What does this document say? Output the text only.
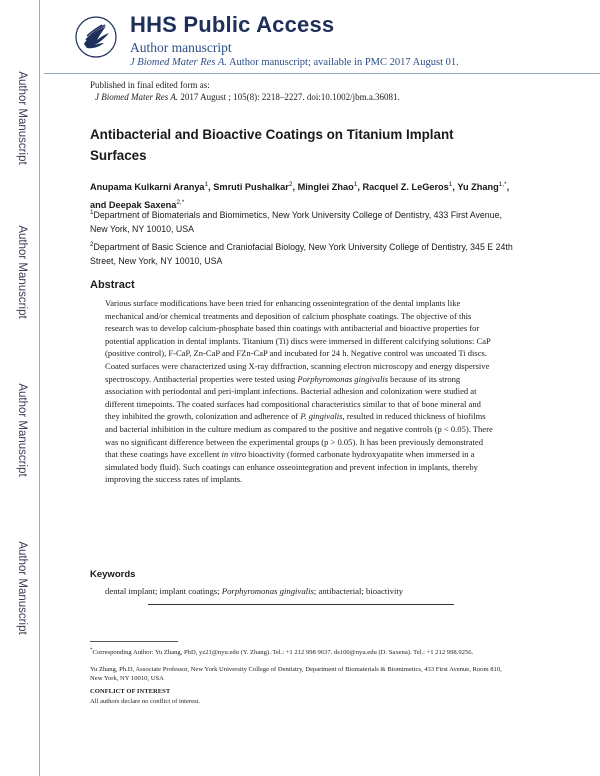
Author Manuscript
Author Manuscript
Author Manuscript
Author Manuscript
HHS Public Access
Author manuscript
J Biomed Mater Res A. Author manuscript; available in PMC 2017 August 01.
Published in final edited form as:
J Biomed Mater Res A. 2017 August ; 105(8): 2218–2227. doi:10.1002/jbm.a.36081.
Antibacterial and Bioactive Coatings on Titanium Implant Surfaces
Anupama Kulkarni Aranya$^1$, Smruti Pushalkar$^2$, Minglei Zhao$^1$, Racquel Z. LeGeros$^1$, Yu Zhang$^{1,*}$, and Deepak Saxena$^{2,*}$
$^1$Department of Biomaterials and Biomimetics, New York University College of Dentistry, 433 First Avenue, New York, NY 10010, USA
$^2$Department of Basic Science and Craniofacial Biology, New York University College of Dentistry, 345 E 24th Street, New York, NY 10010, USA
Abstract
Various surface modifications have been tried for enhancing osseointegration of the dental implants like mechanical and/or chemical treatments and deposition of calcium phosphate coatings. The objective of this research was to develop calcium-phosphate based thin coatings with antibacterial and bioactive properties for potential application in dental implants. Titanium (Ti) discs were immersed in different calcifying solutions: CaP (positive control), F-CaP, Zn-CaP and FZn-CaP and incubated for 24 h. Negative control was uncoated Ti discs. Coated surfaces were characterized using X-ray diffraction, scanning electron microscopy and energy dispersive spectroscopy. Antibacterial properties were tested using Porphyromonas gingivalis because of its strong association with periodontal and peri-implant infections. Bacterial adhesion and colonization were studied at different timepoints. The coated surfaces had compositional characteristics similar to that of bone mineral and they inhibited the growth, colonization and adherence of P. gingivalis, resulted in reduced thickness of biofilms and bacterial inhibition in the culture medium as compared to the positive and negative controls (p < 0.05). There was no significant difference between the experimental groups (p > 0.05). It has been previously demonstrated that these coatings have excellent in vitro bioactivity (formed carbonate hydroxyapatite when immersed in a simulated body fluid). Such coatings can enhance osseointegration and prevent infection in implants, thereby improving the success rates of implants.
Keywords
dental implant; implant coatings; Porphyromonas gingivalis; antibacterial; bioactivity
*Corresponding Author: Yu Zhang, PhD, yz21@nyu.edu (Y. Zhang). Tel.: +1 212 998 9637. ds100@nyu.edu (D. Saxena). Tel.: +1 212 998.9256.
Yu Zhang, Ph.D, Associate Professor, New York University College of Dentistry, Department of Biomaterials & Biomimetics, 433 First Avenue, Room 810, New York, NY 10010, USA
CONFLICT OF INTEREST
All authors declare no conflict of interest.
